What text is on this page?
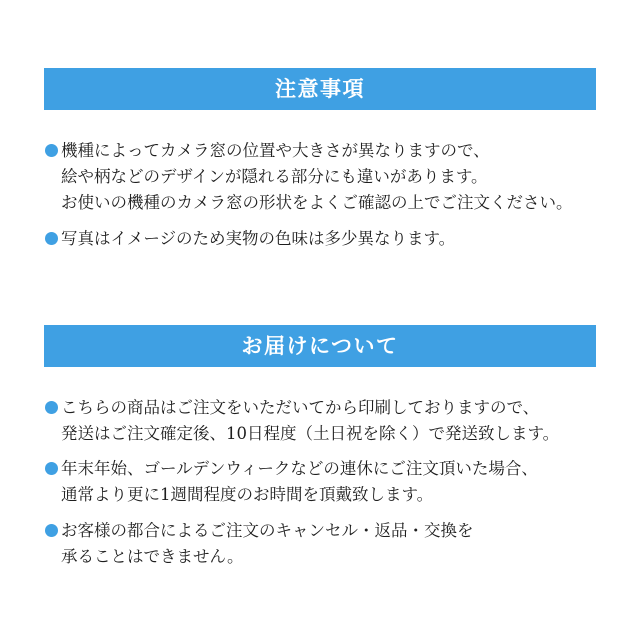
注意事項
機種によってカメラ窓の位置や大きさが異なりますので、
絵や柄などのデザインが隠れる部分にも違いがあります。
お使いの機種のカメラ窓の形状をよくご確認の上でご注文ください。
写真はイメージのため実物の色味は多少異なります。
お届けについて
こちらの商品はご注文をいただいてから印刷しておりますので、
発送はご注文確定後、10日程度（土日祝を除く）で発送致します。
年末年始、ゴールデンウィークなどの連休にご注文頂いた場合、
通常より更に1週間程度のお時間を頂戴致します。
お客様の都合によるご注文のキャンセル・返品・交換を
承ることはできません。
